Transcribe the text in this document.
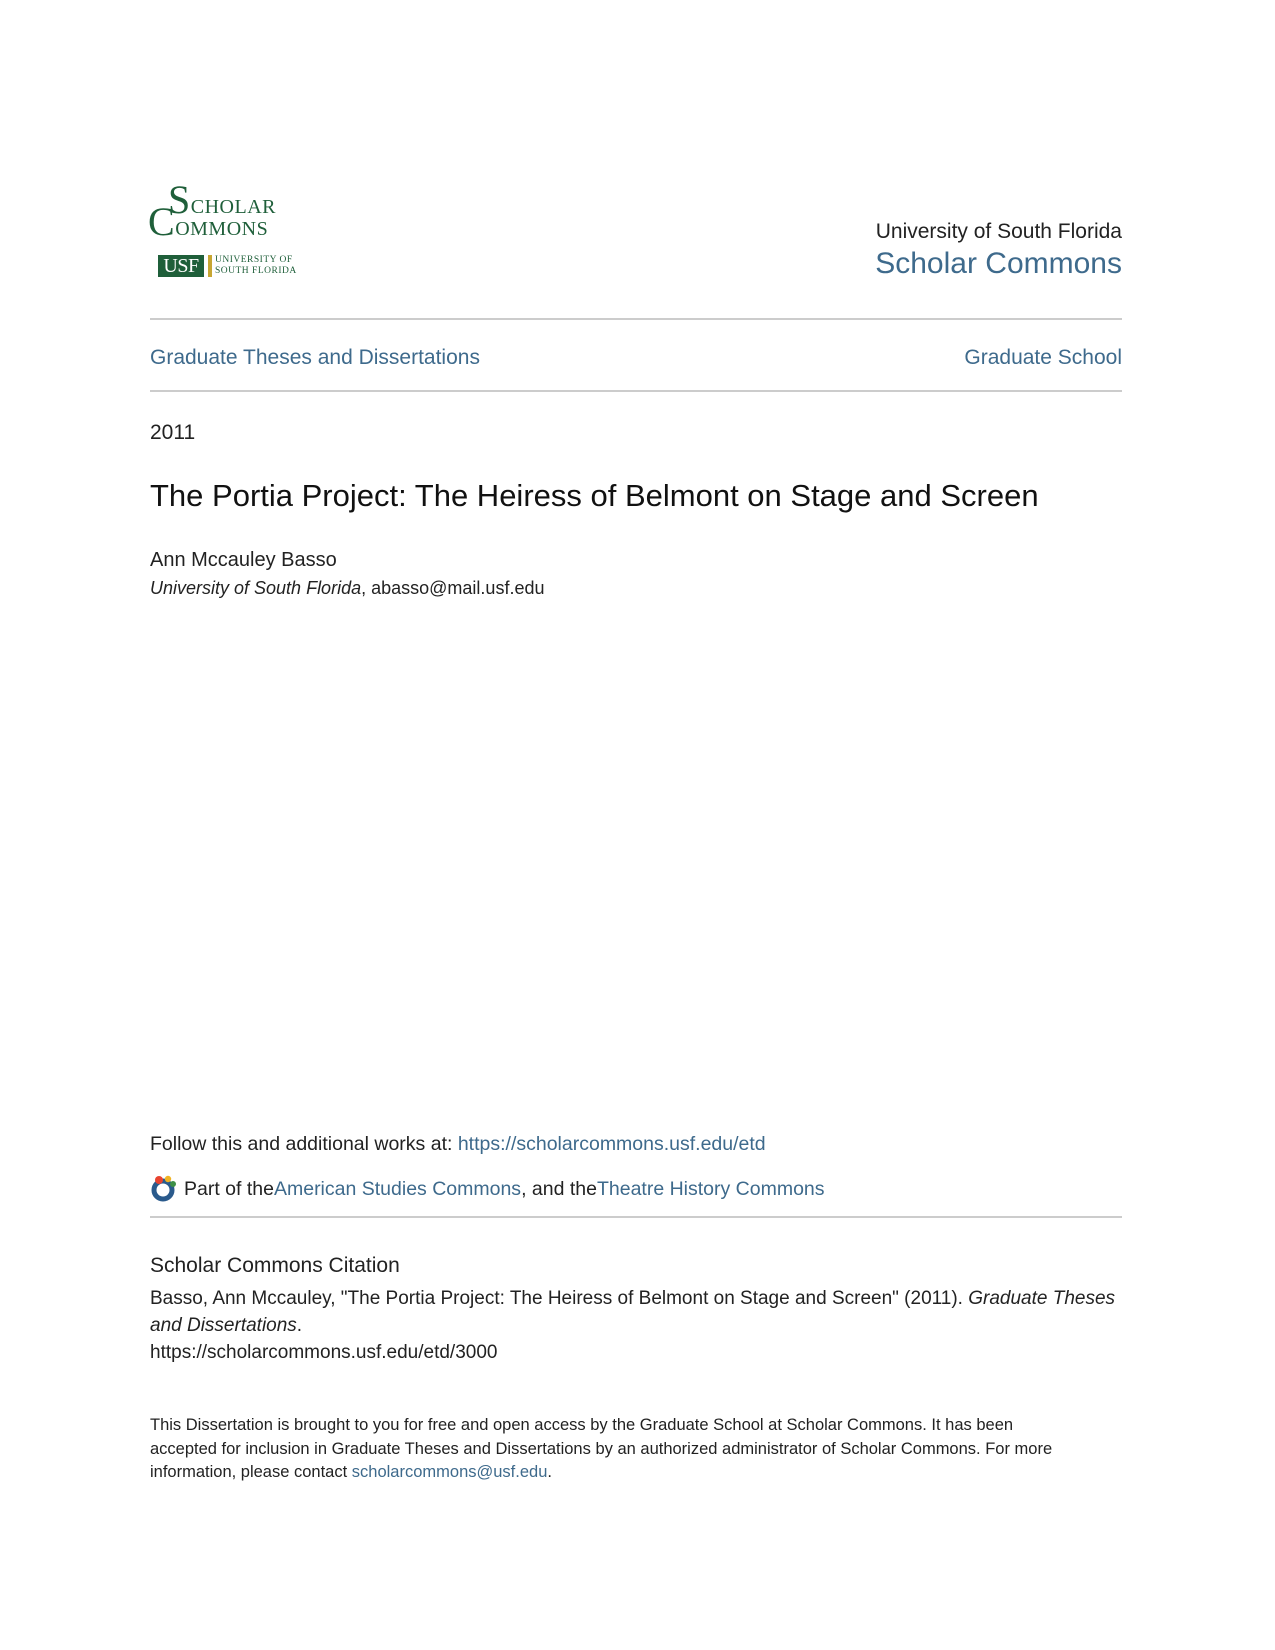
SCHOLAR
COMMONS
USF	UNIVERSITY OF
SOUTH FLORIDA
University of South Florida
Scholar Commons
Graduate Theses and Dissertations	Graduate School
2011
The Portia Project: The Heiress of Belmont on Stage and Screen
Ann Mccauley Basso
University of South Florida, abasso@mail.usf.edu
Follow this and additional works at: https://scholarcommons.usf.edu/etd
Part of the American Studies Commons , and the Theatre History Commons
Scholar Commons Citation
Basso, Ann Mccauley, "The Portia Project: The Heiress of Belmont on Stage and Screen" (2011). Graduate Theses and Dissertations.
https://scholarcommons.usf.edu/etd/3000
This Dissertation is brought to you for free and open access by the Graduate School at Scholar Commons. It has been accepted for inclusion in Graduate Theses and Dissertations by an authorized administrator of Scholar Commons. For more information, please contact scholarcommons@usf.edu.
